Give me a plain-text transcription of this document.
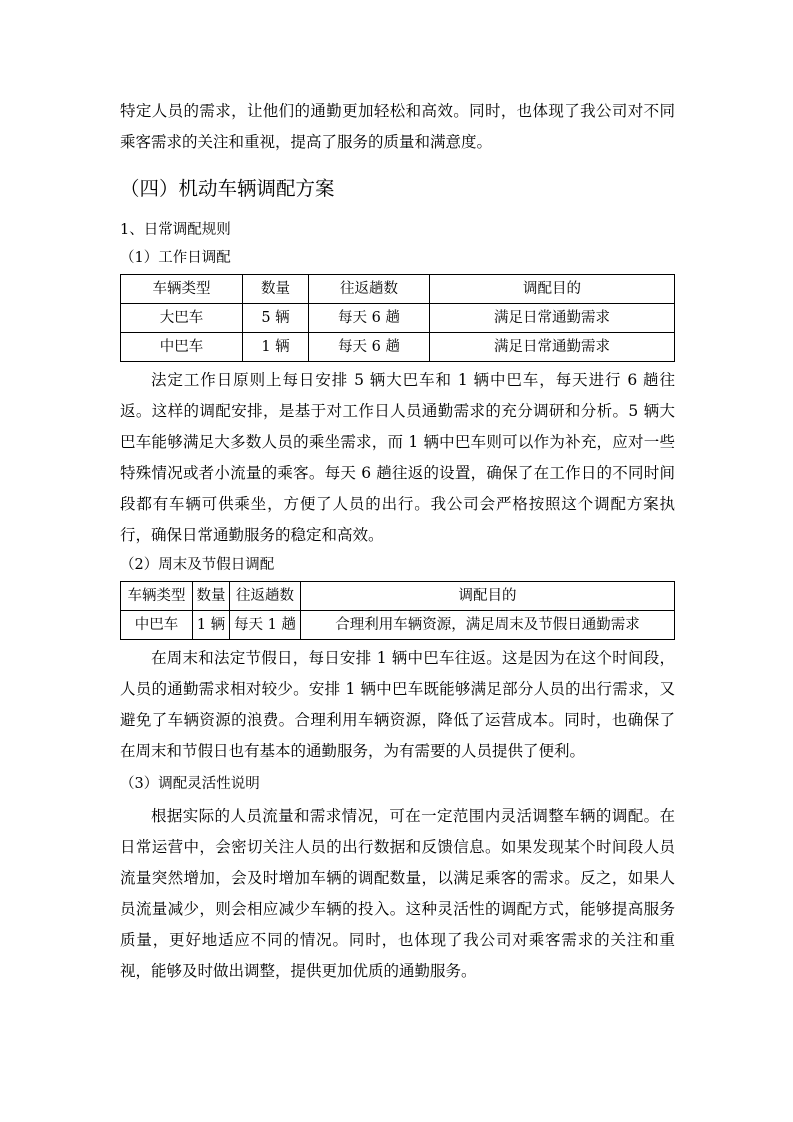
特定人员的需求，让他们的通勤更加轻松和高效。同时，也体现了我公司对不同乘客需求的关注和重视，提高了服务的质量和满意度。

（四）机动车辆调配方案

1、日常调配规则

（1）工作日调配

车辆类型	数量	往返趟数	调配目的
大巴车	5 辆	每天 6 趟	满足日常通勤需求
中巴车	1 辆	每天 6 趟	满足日常通勤需求

法定工作日原则上每日安排 5 辆大巴车和 1 辆中巴车，每天进行 6 趟往返。这样的调配安排，是基于对工作日人员通勤需求的充分调研和分析。5 辆大巴车能够满足大多数人员的乘坐需求，而 1 辆中巴车则可以作为补充，应对一些特殊情况或者小流量的乘客。每天 6 趟往返的设置，确保了在工作日的不同时间段都有车辆可供乘坐，方便了人员的出行。我公司会严格按照这个调配方案执行，确保日常通勤服务的稳定和高效。

（2）周末及节假日调配

车辆类型	数量	往返趟数	调配目的
中巴车	1 辆	每天 1 趟	合理利用车辆资源，满足周末及节假日通勤需求

在周末和法定节假日，每日安排 1 辆中巴车往返。这是因为在这个时间段，人员的通勤需求相对较少。安排 1 辆中巴车既能够满足部分人员的出行需求，又避免了车辆资源的浪费。合理利用车辆资源，降低了运营成本。同时，也确保了在周末和节假日也有基本的通勤服务，为有需要的人员提供了便利。

（3）调配灵活性说明

根据实际的人员流量和需求情况，可在一定范围内灵活调整车辆的调配。在日常运营中，会密切关注人员的出行数据和反馈信息。如果发现某个时间段人员流量突然增加，会及时增加车辆的调配数量，以满足乘客的需求。反之，如果人员流量减少，则会相应减少车辆的投入。这种灵活性的调配方式，能够提高服务质量，更好地适应不同的情况。同时，也体现了我公司对乘客需求的关注和重视，能够及时做出调整，提供更加优质的通勤服务。
